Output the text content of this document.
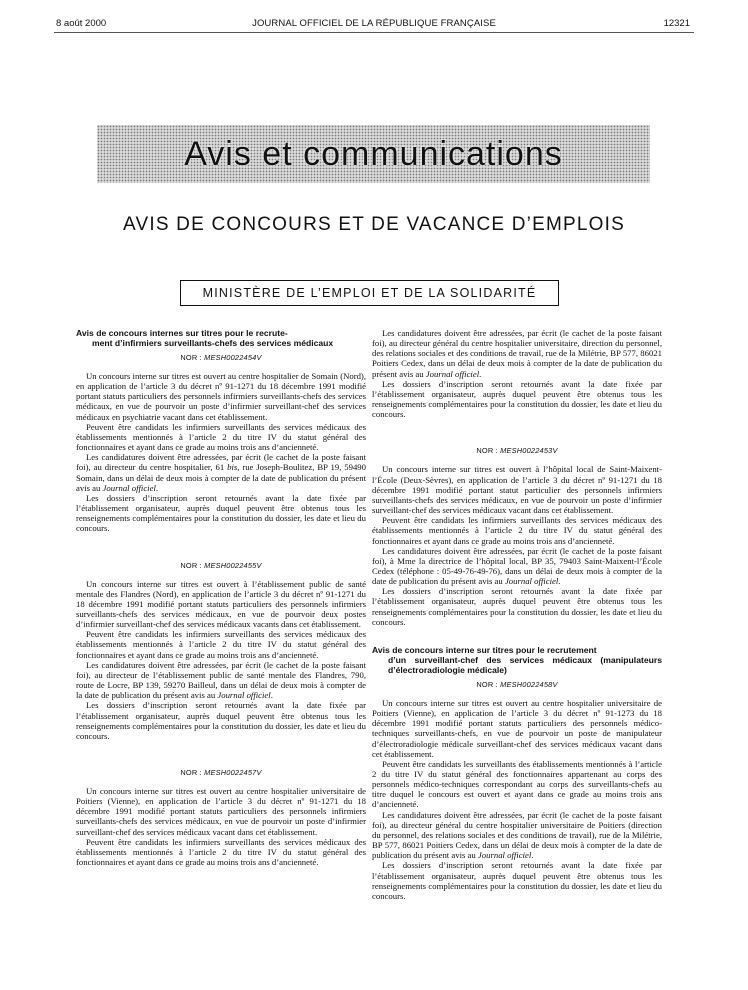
8 août 2000	JOURNAL OFFICIEL DE LA RÉPUBLIQUE FRANÇAISE	12321
Avis et communications
AVIS DE CONCOURS ET DE VACANCE D’EMPLOIS
MINISTÈRE DE L’EMPLOI ET DE LA SOLIDARITÉ
Avis de concours internes sur titres pour le recrute-
ment d’infirmiers surveillants-chefs des services médicaux
NOR : MESH0022454V

Un concours interne sur titres est ouvert au centre hospitalier de Somain (Nord), en application de l’article 3 du décret nº 91-1271 du 18 décembre 1991 modifié portant statuts particuliers des personnels infirmiers surveillants-chefs des services médicaux, en vue de pourvoir un poste d’infirmier surveillant-chef des services médicaux en psychiatrie vacant dans cet établissement.

Peuvent être candidats les infirmiers surveillants des services médicaux des établissements mentionnés à l’article 2 du titre IV du statut général des fonctionnaires et ayant dans ce grade au moins trois ans d’ancienneté.

Les candidatures doivent être adressées, par écrit (le cachet de la poste faisant foi), au directeur du centre hospitalier, 61 bis, rue Joseph-Boulitez, BP 19, 59490 Somain, dans un délai de deux mois à compter de la date de publication du présent avis au Journal officiel.

Les dossiers d’inscription seront retournés avant la date fixée par l’établissement organisateur, auprès duquel peuvent être obtenus tous les renseignements complémentaires pour la constitution du dossier, les date et lieu du concours.

NOR : MESH0022455V

Un concours interne sur titres est ouvert à l’établissement public de santé mentale des Flandres (Nord), en application de l’article 3 du décret nº 91-1271 du 18 décembre 1991 modifié portant statuts particuliers des personnels infirmiers surveillants-chefs des services médicaux, en vue de pourvoir deux postes d’infirmier surveillant-chef des services médicaux vacants dans cet établissement.

Peuvent être candidats les infirmiers surveillants des services médicaux des établissements mentionnés à l’article 2 du titre IV du statut général des fonctionnaires et ayant dans ce grade au moins trois ans d’ancienneté.

Les candidatures doivent être adressées, par écrit (le cachet de la poste faisant foi), au directeur de l’établissement public de santé mentale des Flandres, 790, route de Locre, BP 139, 59270 Bailleul, dans un délai de deux mois à compter de la date de publication du présent avis au Journal officiel.

Les dossiers d’inscription seront retournés avant la date fixée par l’établissement organisateur, auprès duquel peuvent être obtenus tous les renseignements complémentaires pour la constitution du dossier, les date et lieu du concours.

NOR : MESH0022457V

Un concours interne sur titres est ouvert au centre hospitalier universitaire de Poitiers (Vienne), en application de l’article 3 du décret nº 91-1271 du 18 décembre 1991 modifié portant statuts particuliers des personnels infirmiers surveillants-chefs des services médicaux, en vue de pourvoir un poste d’infirmier surveillant-chef des services médicaux vacant dans cet établissement.

Peuvent être candidats les infirmiers surveillants des services médicaux des établissements mentionnés à l’article 2 du titre IV du statut général des fonctionnaires et ayant dans ce grade au moins trois ans d’ancienneté.

Les candidatures doivent être adressées, par écrit (le cachet de la poste faisant foi), au directeur général du centre hospitalier universitaire, direction du personnel, des relations sociales et des conditions de travail, rue de la Milétrie, BP 577, 86021 Poitiers Cedex, dans un délai de deux mois à compter de la date de publication du présent avis au Journal officiel.

Les dossiers d’inscription seront retournés avant la date fixée par l’établissement organisateur, auprès duquel peuvent être obtenus tous les renseignements complémentaires pour la constitution du dossier, les date et lieu du concours.

NOR : MESH0022453V

Un concours interne sur titres est ouvert à l’hôpital local de Saint-Maixent-l’École (Deux-Sèvres), en application de l’article 3 du décret nº 91-1271 du 18 décembre 1991 modifié portant statut particulier des personnels infirmiers surveillants-chefs des services médicaux, en vue de pourvoir un poste d’infirmier surveillant-chef des services médicaux vacant dans cet établissement.

Peuvent être candidats les infirmiers surveillants des services médicaux des établissements mentionnés à l’article 2 du titre IV du statut général des fonctionnaires et ayant dans ce grade au moins trois ans d’ancienneté.

Les candidatures doivent être adressées, par écrit (le cachet de la poste faisant foi), à Mme la directrice de l’hôpital local, BP 35, 79403 Saint-Maixent-l’École Cedex (téléphone : 05-49-76-49-76), dans un délai de deux mois à compter de la date de publication du présent avis au Journal officiel.

Les dossiers d’inscription seront retournés avant la date fixée par l’établissement organisateur, auprès duquel peuvent être obtenus tous les renseignements complémentaires pour la constitution du dossier, les date et lieu du concours.

Avis de concours interne sur titres pour le recrutement
d’un surveillant-chef des services médicaux (manipulateurs d’électroradiologie médicale)
NOR : MESH0022458V

Un concours interne sur titres est ouvert au centre hospitalier universitaire de Poitiers (Vienne), en application de l’article 3 du décret nº 91-1273 du 18 décembre 1991 modifié portant statuts particuliers des personnels médico-techniques surveillants-chefs, en vue de pourvoir un poste de manipulateur d’électroradiologie médicale surveillant-chef des services médicaux vacant dans cet établissement.

Peuvent être candidats les surveillants des établissements mentionnés à l’article 2 du titre IV du statut général des fonctionnaires appartenant au corps des personnels médico-techniques correspondant au corps des surveillants-chefs au titre duquel le concours est ouvert et ayant dans ce grade au moins trois ans d’ancienneté.

Les candidatures doivent être adressées, par écrit (le cachet de la poste faisant foi), au directeur général du centre hospitalier universitaire de Poitiers (direction du personnel, des relations sociales et des conditions de travail), rue de la Milétrie, BP 577, 86021 Poitiers Cedex, dans un délai de deux mois à compter de la date de publication du présent avis au Journal officiel.

Les dossiers d’inscription seront retournés avant la date fixée par l’établissement organisateur, auprès duquel peuvent être obtenus tous les renseignements complémentaires pour la constitution du dossier, les date et lieu du concours.
